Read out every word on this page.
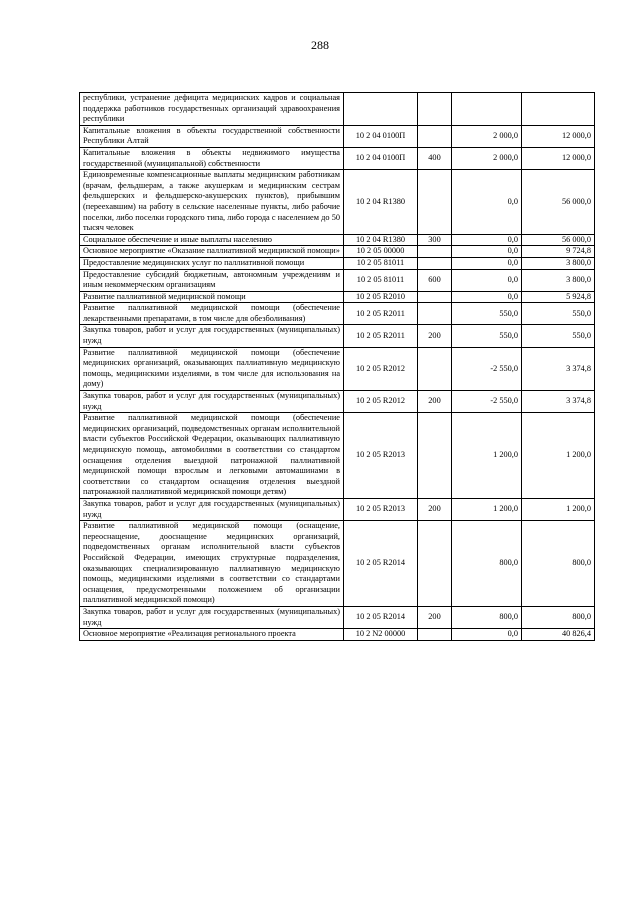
288
республики, устранение дефицита медицинских кадров и социальная поддержка работников государственных организаций здравоохранения республики				
Капитальные вложения в объекты государственной собственности Республики Алтай	10 2 04 0100П		2 000,0	12 000,0
Капитальные вложения в объекты недвижимого имущества государственной (муниципальной) собственности	10 2 04 0100П	400	2 000,0	12 000,0
Единовременные компенсационные выплаты медицинским работникам (врачам, фельдшерам, а также акушеркам и медицинским сестрам фельдшерских и фельдшерско-акушерских пунктов), прибывшим (переехавшим) на работу в сельские населенные пункты, либо рабочие поселки, либо поселки городского типа, либо города с населением до 50 тысяч человек	10 2 04 R1380		0,0	56 000,0
Социальное обеспечение и иные выплаты населению	10 2 04 R1380	300	0,0	56 000,0
Основное мероприятие «Оказание паллиативной медицинской помощи»	10 2 05 00000		0,0	9 724,8
Предоставление медицинских услуг по паллиативной помощи	10 2 05 81011		0,0	3 800,0
Предоставление субсидий бюджетным, автономным учреждениям и иным некоммерческим организациям	10 2 05 81011	600	0,0	3 800,0
Развитие паллиативной медицинской помощи	10 2 05 R2010		0,0	5 924,8
Развитие паллиативной медицинской помощи (обеспечение лекарственными препаратами, в том числе для обезболивания)	10 2 05 R2011		550,0	550,0
Закупка товаров, работ и услуг для государственных (муниципальных) нужд	10 2 05 R2011	200	550,0	550,0
Развитие паллиативной медицинской помощи (обеспечение медицинских организаций, оказывающих паллиативную медицинскую помощь, медицинскими изделиями, в том числе для использования на дому)	10 2 05 R2012		-2 550,0	3 374,8
Закупка товаров, работ и услуг для государственных (муниципальных) нужд	10 2 05 R2012	200	-2 550,0	3 374,8
Развитие паллиативной медицинской помощи (обеспечение медицинских организаций, подведомственных органам исполнительной власти субъектов Российской Федерации, оказывающих паллиативную медицинскую помощь, автомобилями в соответствии со стандартом оснащения отделения выездной патронажной паллиативной медицинской помощи взрослым и легковыми автомашинами в соответствии со стандартом оснащения отделения выездной патронажной паллиативной медицинской помощи детям)	10 2 05 R2013		1 200,0	1 200,0
Закупка товаров, работ и услуг для государственных (муниципальных) нужд	10 2 05 R2013	200	1 200,0	1 200,0
Развитие паллиативной медицинской помощи (оснащение, переоснащение, дооснащение медицинских организаций, подведомственных органам исполнительной власти субъектов Российской Федерации, имеющих структурные подразделения, оказывающих специализированную паллиативную медицинскую помощь, медицинскими изделиями в соответствии со стандартами оснащения, предусмотренными положением об организации паллиативной медицинской помощи)	10 2 05 R2014		800,0	800,0
Закупка товаров, работ и услуг для государственных (муниципальных) нужд	10 2 05 R2014	200	800,0	800,0
Основное мероприятие «Реализация регионального проекта	10 2 N2 00000		0,0	40 826,4
